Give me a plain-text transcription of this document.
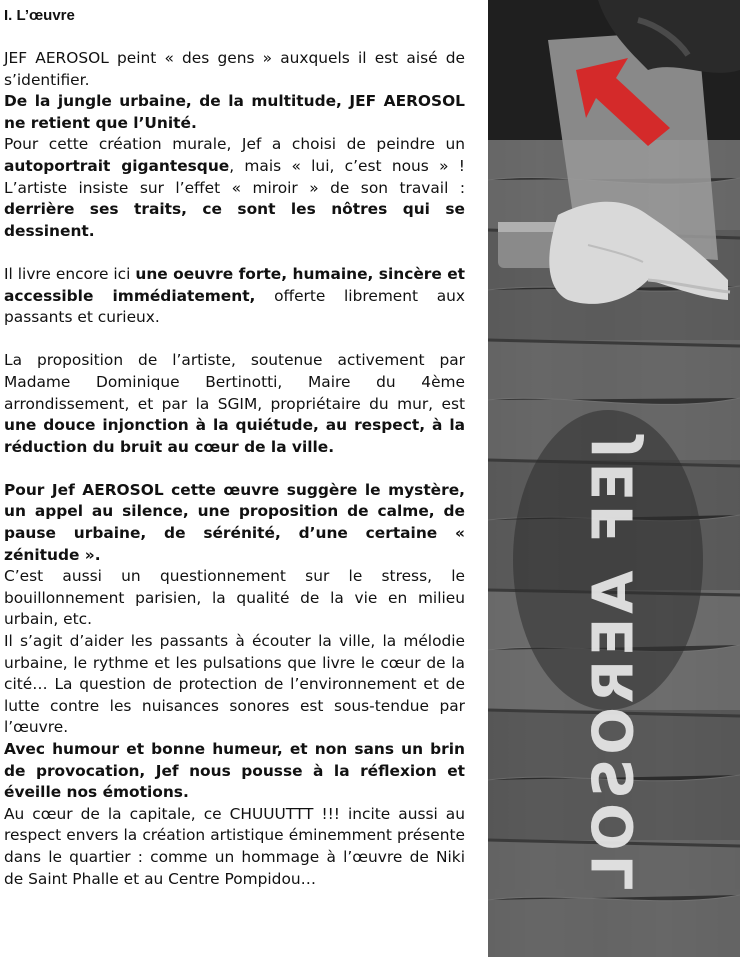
I. L’œuvre

JEF AEROSOL peint « des gens » auxquels il est aisé de s’identifier.

De la jungle urbaine, de la multitude, JEF AEROSOL ne retient que l’Unité.

Pour cette création murale, Jef a choisi de peindre un autoportrait gigantesque, mais « lui, c’est nous » ! L’artiste insiste sur l’effet « miroir » de son travail : derrière ses traits, ce sont les nôtres qui se dessinent.

Il livre encore ici une oeuvre forte, humaine, sincère et accessible immédiatement, offerte librement aux passants et curieux.

La proposition de l’artiste, soutenue activement par Madame Dominique Bertinotti, Maire du 4ème arrondissement, et par la SGIM, propriétaire du mur, est une douce injonction à la quiétude, au respect, à la réduction du bruit au cœur de la ville.

Pour Jef AEROSOL cette œuvre suggère le mystère, un appel au silence, une proposition de calme, de pause urbaine, de sérénité, d’une certaine « zénitude ».

C’est aussi un questionnement sur le stress, le bouillonnement parisien, la qualité de la vie en milieu urbain, etc.

Il s’agit d’aider les passants à écouter la ville, la mélodie urbaine, le rythme et les pulsations que livre le cœur de la cité… La question de protection de l’environnement et de lutte contre les nuisances sonores est sous-tendue par l’œuvre.

Avec humour et bonne humeur, et non sans un brin de provocation, Jef nous pousse à la réflexion et éveille nos émotions.

Au cœur de la capitale, ce CHUUUTTT !!! incite aussi au respect envers la création artistique éminemment présente dans le quartier : comme un hommage à l’œuvre de Niki de Saint Phalle et au Centre Pompidou…	JEF AEROSOL
